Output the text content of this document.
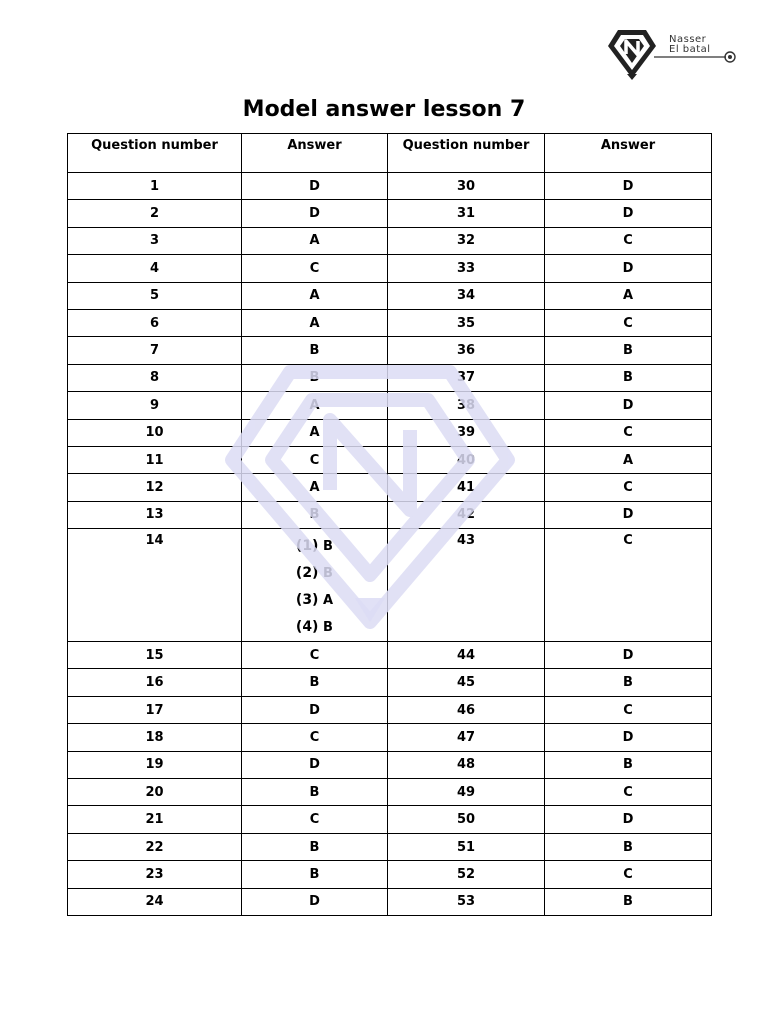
Nasser
El batal
Model answer lesson 7
Question number	Answer	Question number	Answer
1	D	30	D
2	D	31	D
3	A	32	C
4	C	33	D
5	A	34	A
6	A	35	C
7	B	36	B
8	B	37	B
9	A	38	D
10	A	39	C
11	C	40	A
12	A	41	C
13	B	42	D
14	(1) B
(2) B
(3) A
(4) B	43	C
15	C	44	D
16	B	45	B
17	D	46	C
18	C	47	D
19	D	48	B
20	B	49	C
21	C	50	D
22	B	51	B
23	B	52	C
24	D	53	B
